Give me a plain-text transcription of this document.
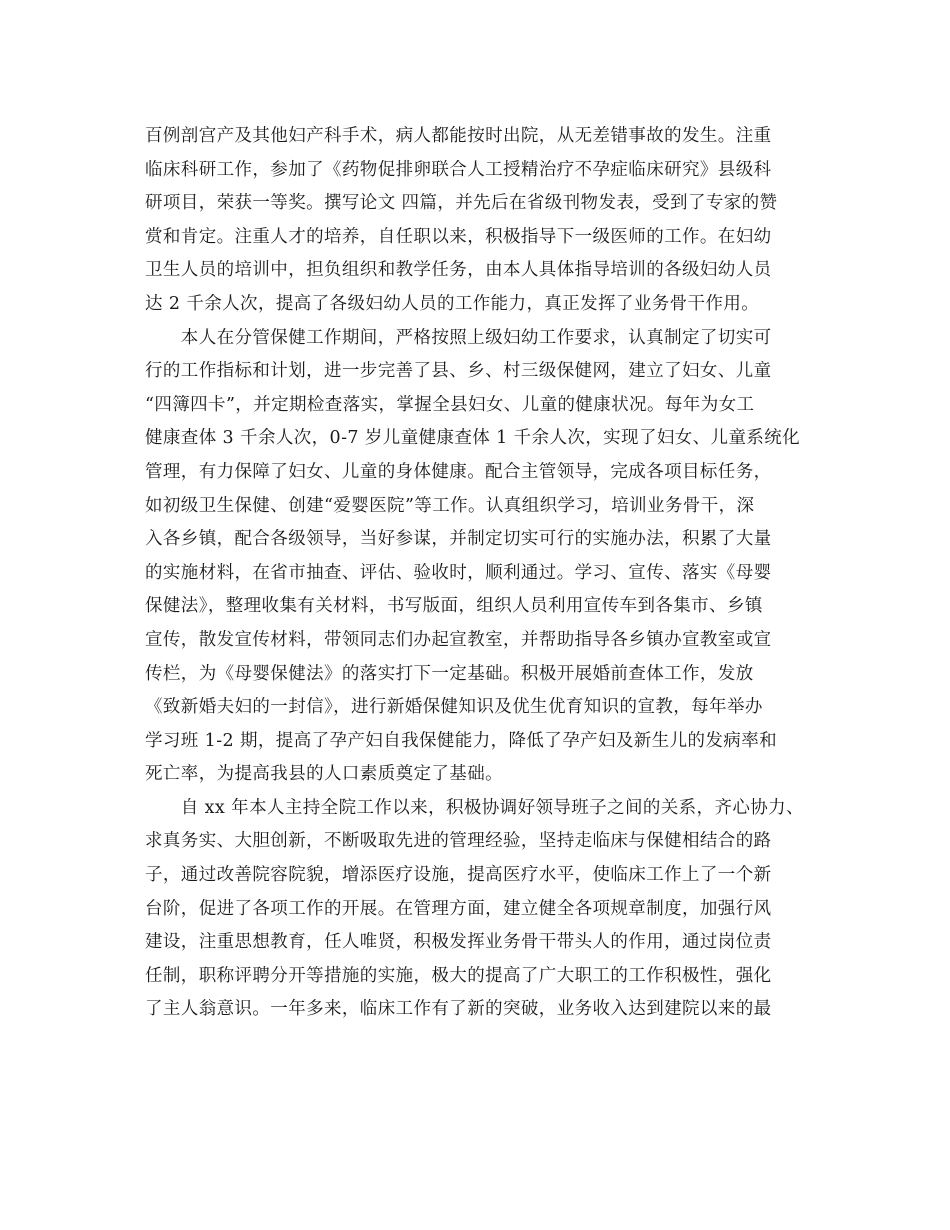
百例剖宫产及其他妇产科手术，病人都能按时出院，从无差错事故的发生。注重
临床科研工作，参加了《药物促排卵联合人工授精治疗不孕症临床研究》县级科
研项目，荣获一等奖。撰写论文 四篇，并先后在省级刊物发表，受到了专家的赞
赏和肯定。注重人才的培养，自任职以来，积极指导下一级医师的工作。在妇幼
卫生人员的培训中，担负组织和教学任务，由本人具体指导培训的各级妇幼人员
达 2 千余人次，提高了各级妇幼人员的工作能力，真正发挥了业务骨干作用。
　　本人在分管保健工作期间，严格按照上级妇幼工作要求，认真制定了切实可
行的工作指标和计划，进一步完善了县、乡、村三级保健网，建立了妇女、儿童
“四簿四卡”，并定期检查落实，掌握全县妇女、儿童的健康状况。每年为女工
健康查体 3 千余人次，0-7 岁儿童健康查体 1 千余人次，实现了妇女、儿童系统化
管理，有力保障了妇女、儿童的身体健康。配合主管领导，完成各项目标任务，
如初级卫生保健、创建“爱婴医院”等工作。认真组织学习，培训业务骨干，深
入各乡镇，配合各级领导，当好参谋，并制定切实可行的实施办法，积累了大量
的实施材料，在省市抽查、评估、验收时，顺利通过。学习、宣传、落实《母婴
保健法》，整理收集有关材料，书写版面，组织人员利用宣传车到各集市、乡镇
宣传，散发宣传材料，带领同志们办起宣教室，并帮助指导各乡镇办宣教室或宣
传栏，为《母婴保健法》的落实打下一定基础。积极开展婚前查体工作，发放
《致新婚夫妇的一封信》，进行新婚保健知识及优生优育知识的宣教，每年举办
学习班 1-2 期，提高了孕产妇自我保健能力，降低了孕产妇及新生儿的发病率和
死亡率，为提高我县的人口素质奠定了基础。
　　自 xx 年本人主持全院工作以来，积极协调好领导班子之间的关系，齐心协力、
求真务实、大胆创新，不断吸取先进的管理经验，坚持走临床与保健相结合的路
子，通过改善院容院貌，增添医疗设施，提高医疗水平，使临床工作上了一个新
台阶，促进了各项工作的开展。在管理方面，建立健全各项规章制度，加强行风
建设，注重思想教育，任人唯贤，积极发挥业务骨干带头人的作用，通过岗位责
任制，职称评聘分开等措施的实施，极大的提高了广大职工的工作积极性，强化
了主人翁意识。一年多来，临床工作有了新的突破，业务收入达到建院以来的最
